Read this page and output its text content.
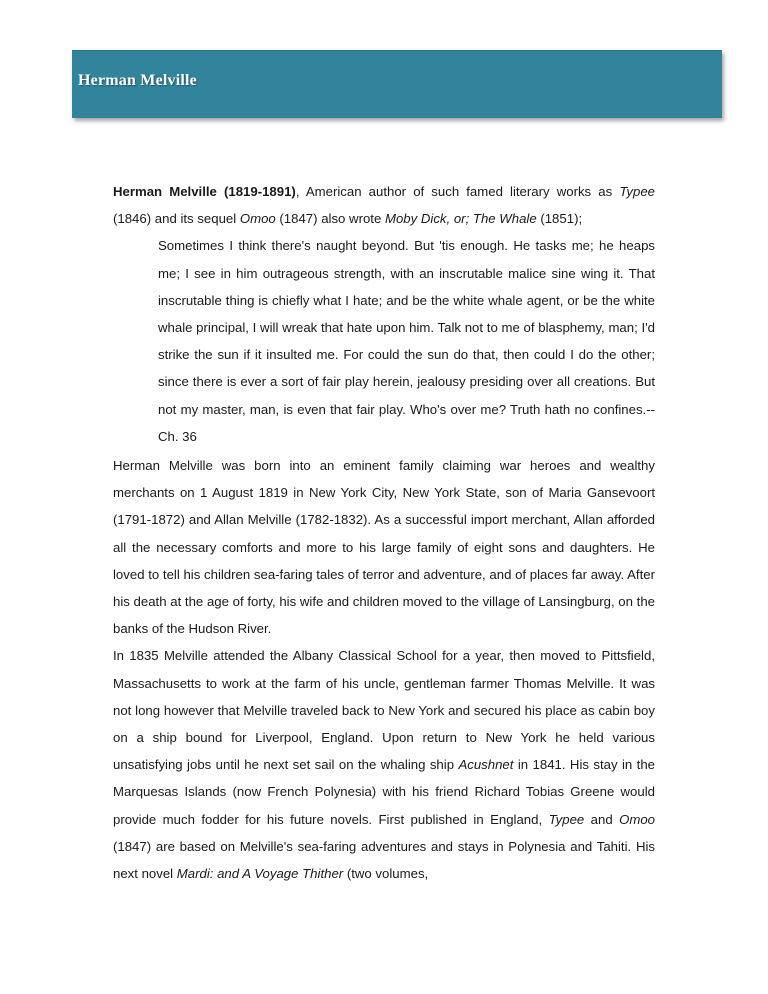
Herman Melville

Herman Melville (1819-1891), American author of such famed literary works as Typee (1846) and its sequel Omoo (1847) also wrote Moby Dick, or; The Whale (1851);

Sometimes I think there's naught beyond. But 'tis enough. He tasks me; he heaps me; I see in him outrageous strength, with an inscrutable malice sine wing it. That inscrutable thing is chiefly what I hate; and be the white whale agent, or be the white whale principal, I will wreak that hate upon him. Talk not to me of blasphemy, man; I'd strike the sun if it insulted me. For could the sun do that, then could I do the other; since there is ever a sort of fair play herein, jealousy presiding over all creations. But not my master, man, is even that fair play. Who's over me? Truth hath no confines.--Ch. 36

Herman Melville was born into an eminent family claiming war heroes and wealthy merchants on 1 August 1819 in New York City, New York State, son of Maria Gansevoort (1791-1872) and Allan Melville (1782-1832). As a successful import merchant, Allan afforded all the necessary comforts and more to his large family of eight sons and daughters. He loved to tell his children sea-faring tales of terror and adventure, and of places far away. After his death at the age of forty, his wife and children moved to the village of Lansingburg, on the banks of the Hudson River.

In 1835 Melville attended the Albany Classical School for a year, then moved to Pittsfield, Massachusetts to work at the farm of his uncle, gentleman farmer Thomas Melville. It was not long however that Melville traveled back to New York and secured his place as cabin boy on a ship bound for Liverpool, England. Upon return to New York he held various unsatisfying jobs until he next set sail on the whaling ship Acushnet in 1841. His stay in the Marquesas Islands (now French Polynesia) with his friend Richard Tobias Greene would provide much fodder for his future novels. First published in England, Typee and Omoo (1847) are based on Melville's sea-faring adventures and stays in Polynesia and Tahiti. His next novel Mardi: and A Voyage Thither (two volumes,
